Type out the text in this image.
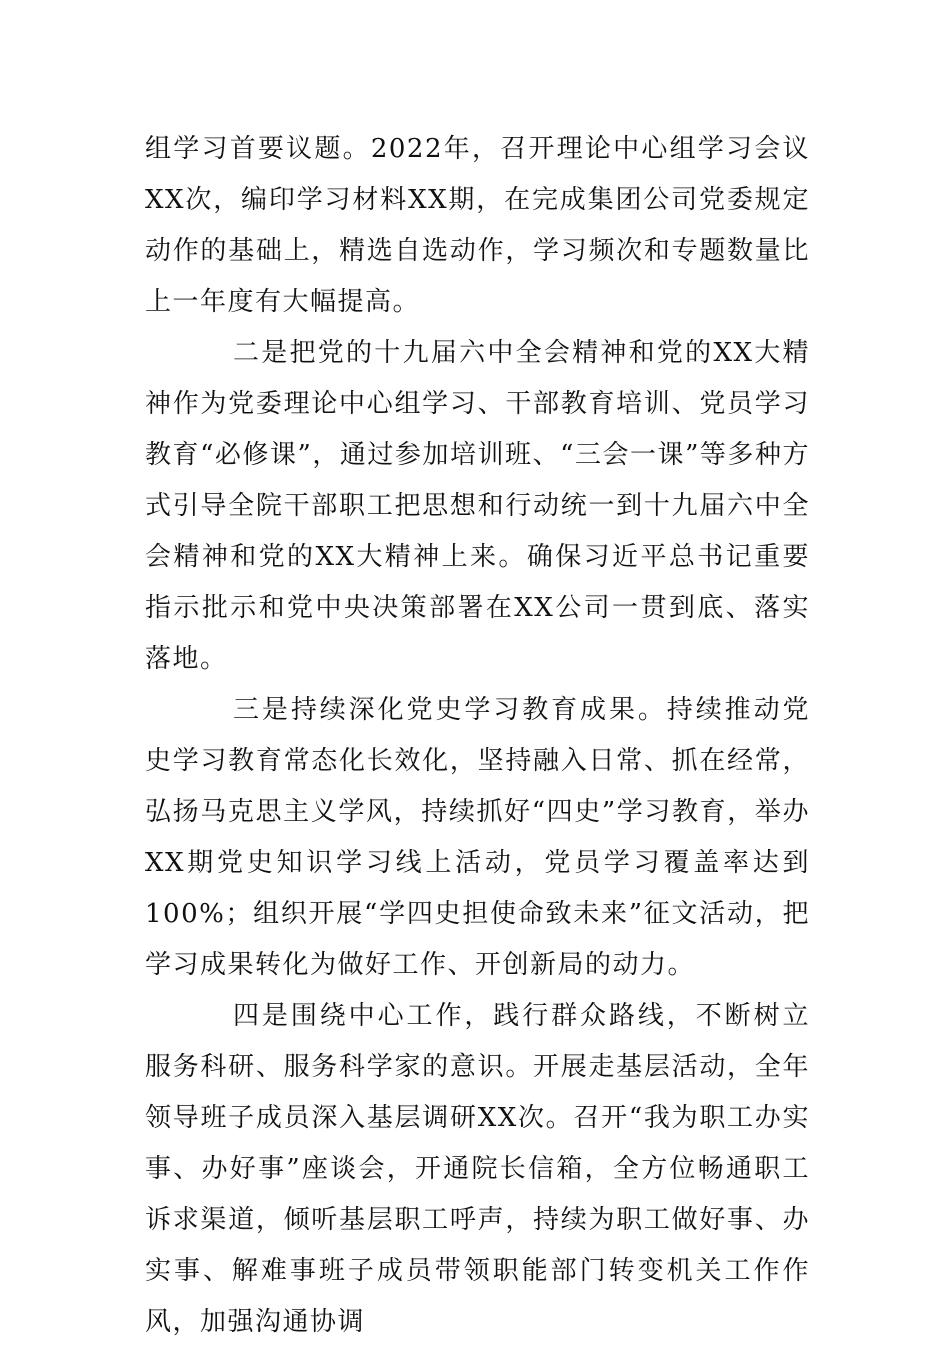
组学习首要议题。2022年，召开理论中心组学习会议XX次，编印学习材料XX期，在完成集团公司党委规定动作的基础上，精选自选动作，学习频次和专题数量比上一年度有大幅提高。

二是把党的十九届六中全会精神和党的XX大精神作为党委理论中心组学习、干部教育培训、党员学习教育“必修课”，通过参加培训班、“三会一课”等多种方式引导全院干部职工把思想和行动统一到十九届六中全会精神和党的XX大精神上来。确保习近平总书记重要指示批示和党中央决策部署在XX公司一贯到底、落实落地。

三是持续深化党史学习教育成果。持续推动党史学习教育常态化长效化，坚持融入日常、抓在经常，弘扬马克思主义学风，持续抓好“四史”学习教育，举办XX期党史知识学习线上活动，党员学习覆盖率达到100%；组织开展“学四史担使命致未来”征文活动，把学习成果转化为做好工作、开创新局的动力。

四是围绕中心工作，践行群众路线，不断树立服务科研、服务科学家的意识。开展走基层活动，全年领导班子成员深入基层调研XX次。召开“我为职工办实事、办好事”座谈会，开通院长信箱，全方位畅通职工诉求渠道，倾听基层职工呼声，持续为职工做好事、办实事、解难事班子成员带领职能部门转变机关工作作风，加强沟通协调
